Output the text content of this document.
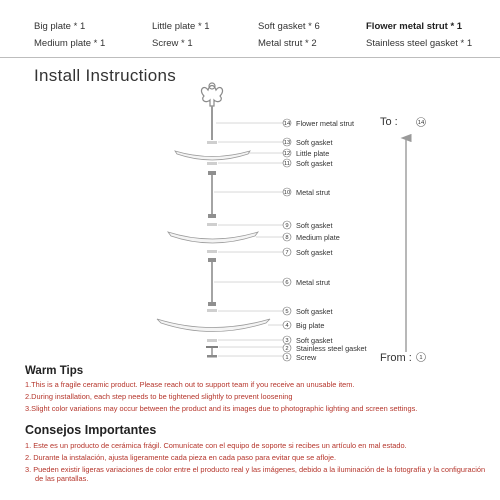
Big plate * 1	Little plate * 1	Soft gasket * 6	Flower metal strut * 1
Medium plate * 1	Screw * 1	Metal strut * 2	Stainless steel gasket * 1
Install Instructions
14 Flower metal strut
13 Soft gasket
12 Little plate
11 Soft gasket
10 Metal strut
9 Soft gasket
8 Medium plate
7 Soft gasket
6 Metal strut
5 Soft gasket
4 Big plate
3 Soft gasket
2 Stainless steel gasket
1 Screw
To :	14
From : 1
Warm Tips
1.This is a fragile ceramic product. Please reach out to support team if you receive an unusable item.
2.During installation, each step needs to be tightened slightly to prevent loosening
3.Slight color variations may occur between the product and its images due to photographic lighting and screen settings.
Consejos Importantes
1. Este es un producto de cerámica frágil. Comunícate con el equipo de soporte si recibes un artículo en mal estado.
2. Durante la instalación, ajusta ligeramente cada pieza en cada paso para evitar que se afloje.
3. Pueden existir ligeras variaciones de color entre el producto real y las imágenes, debido a la iluminación de la fotografía y la configuración de las pantallas.
